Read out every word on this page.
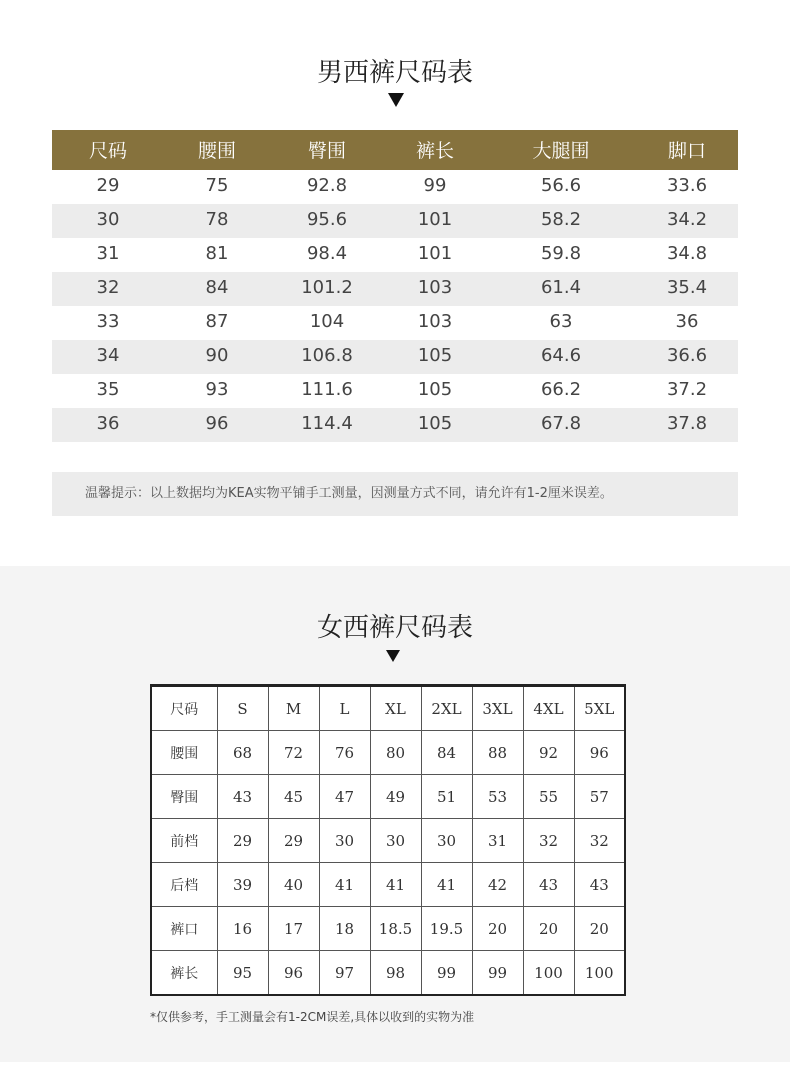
男西裤尺码表
尺码	腰围	臀围	裤长	大腿围	脚口
29	75	92.8	99	56.6	33.6
30	78	95.6	101	58.2	34.2
31	81	98.4	101	59.8	34.8
32	84	101.2	103	61.4	35.4
33	87	104	103	63	36
34	90	106.8	105	64.6	36.6
35	93	111.6	105	66.2	37.2
36	96	114.4	105	67.8	37.8
温馨提示：以上数据均为KEA实物平铺手工测量，因测量方式不同，请允许有1-2厘米误差。
女西裤尺码表
尺码	S	M	L	XL	2XL	3XL	4XL	5XL
腰围	68	72	76	80	84	88	92	96
臀围	43	45	47	49	51	53	55	57
前档	29	29	30	30	30	31	32	32
后档	39	40	41	41	41	42	43	43
裤口	16	17	18	18.5	19.5	20	20	20
裤长	95	96	97	98	99	99	100	100
*仅供参考，手工测量会有1-2CM误差,具体以收到的实物为准
